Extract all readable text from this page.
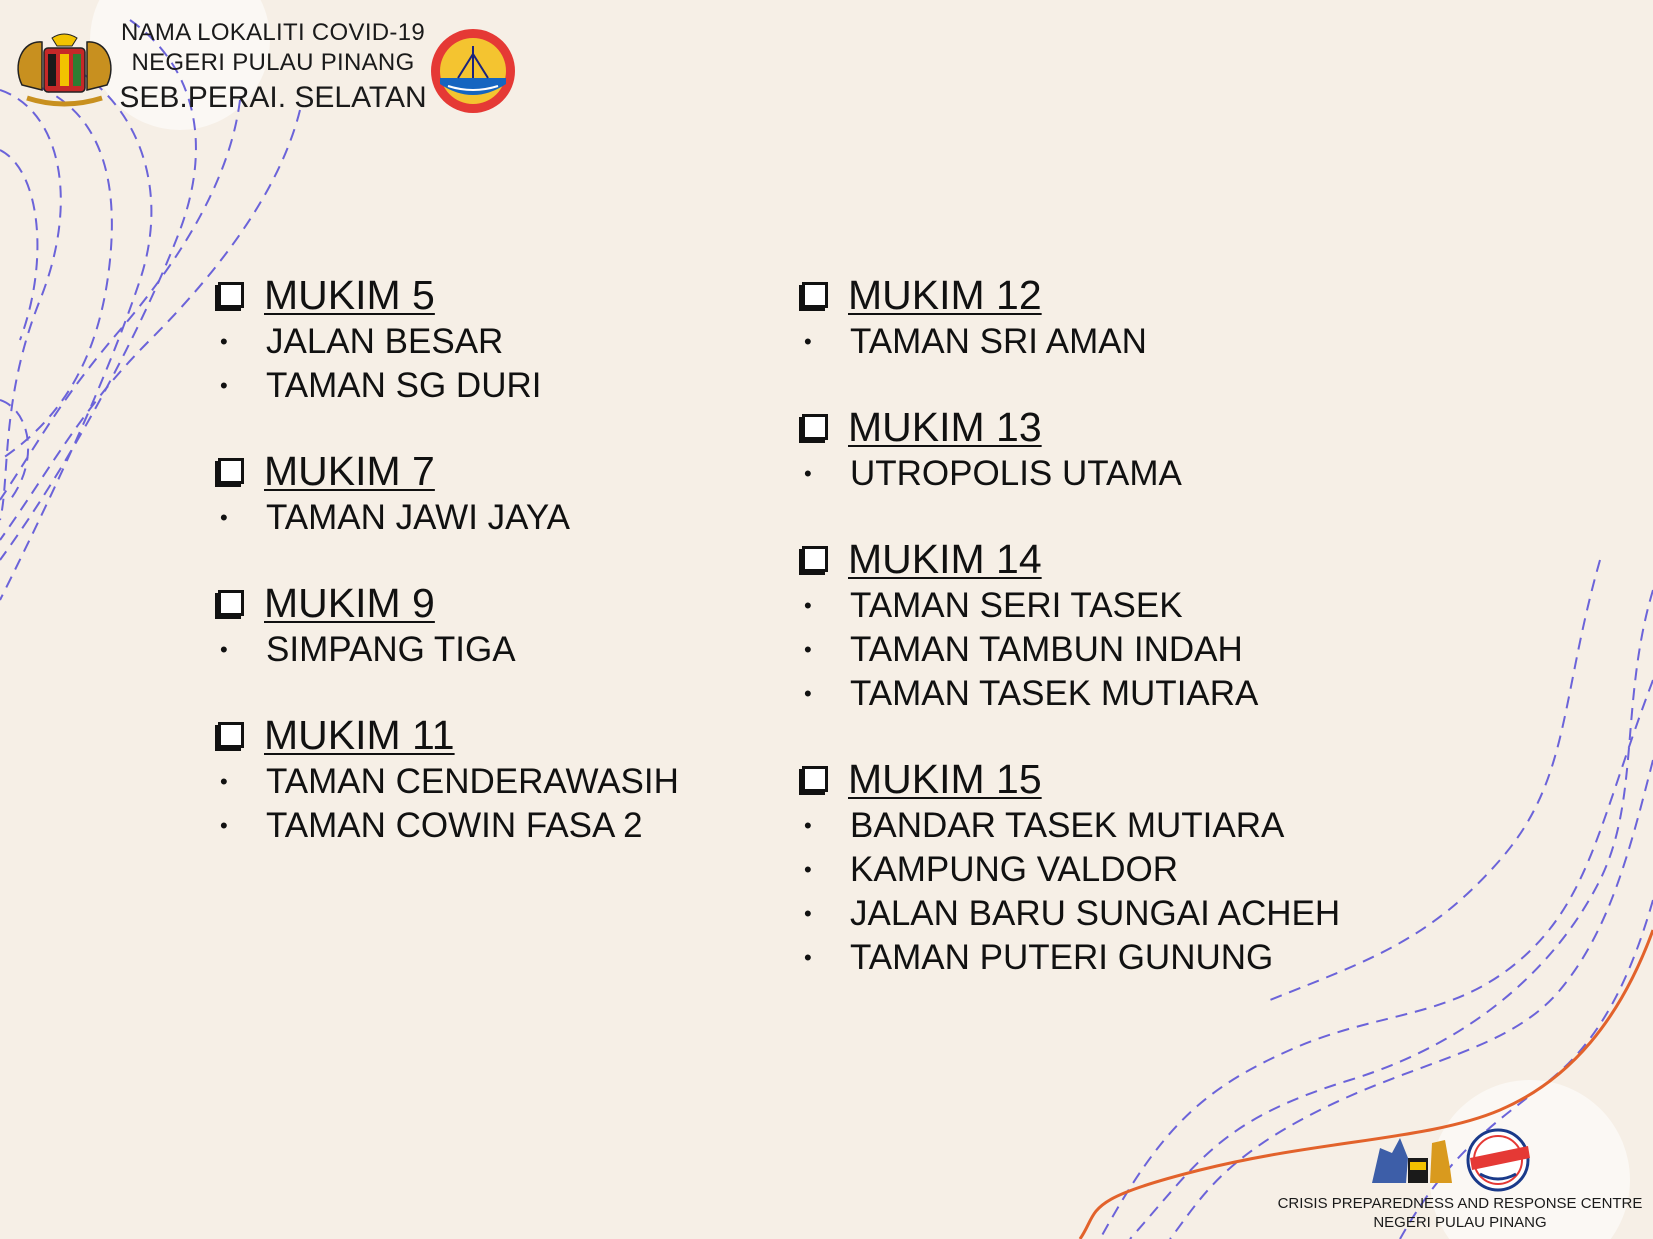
NAMA LOKALITI COVID-19
NEGERI PULAU PINANG
SEB.PERAI. SELATAN
MUKIM 5
•	JALAN BESAR
•	TAMAN SG DURI
MUKIM 7
•	TAMAN JAWI JAYA
MUKIM 9
•	SIMPANG TIGA
MUKIM 11
•	TAMAN CENDERAWASIH
•	TAMAN COWIN FASA 2
MUKIM 12
•	TAMAN SRI AMAN
MUKIM 13
•	UTROPOLIS UTAMA
MUKIM 14
•	TAMAN SERI TASEK
•	TAMAN TAMBUN INDAH
•	TAMAN TASEK MUTIARA
MUKIM 15
•	BANDAR TASEK MUTIARA
•	KAMPUNG VALDOR
•	JALAN BARU SUNGAI ACHEH
•	TAMAN PUTERI GUNUNG
CRISIS PREPAREDNESS AND RESPONSE CENTRE
NEGERI PULAU PINANG
